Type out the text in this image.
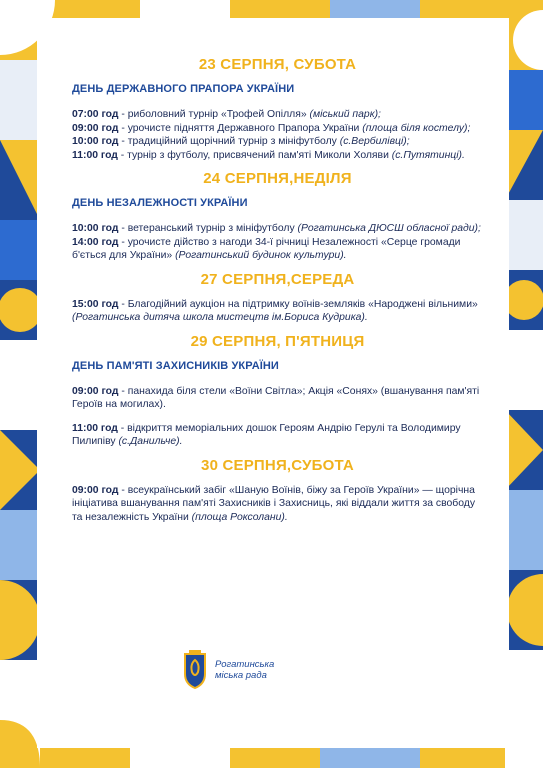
23 СЕРПНЯ, СУБОТА
ДЕНЬ ДЕРЖАВНОГО ПРАПОРА УКРАЇНИ

07:00 год - риболовний турнір «Трофей Опілля» (міський парк);

09:00 год - урочисте підняття Державного Прапора України (площа біля костелу);

10:00 год - традиційний щорічний турнір з мініфутболу (с.Вербилівці);

11:00 год - турнір з футболу, присвячений пам'яті Миколи Холяви (с.Путятинці).

24 СЕРПНЯ,НЕДІЛЯ
ДЕНЬ НЕЗАЛЕЖНОСТІ УКРАЇНИ

10:00 год - ветеранський турнір з мініфутболу (Рогатинська ДЮСШ обласної ради);

14:00 год - урочисте дійство з нагоди 34-ї річниці Незалежності «Серце громади б'ється для України» (Рогатинський будинок культури).

27 СЕРПНЯ,СЕРЕДА

15:00 год - Благодійний аукціон на підтримку воїнів-земляків «Народжені вільними» (Рогатинська дитяча школа мистецтв ім.Бориса Кудрика).

29 СЕРПНЯ, П'ЯТНИЦЯ
ДЕНЬ ПАМ'ЯТІ ЗАХИСНИКІВ УКРАЇНИ

09:00 год - панахида біля стели «Воїни Світла»; Акція «Сонях» (вшанування пам'яті Героїв на могилах).

11:00 год - відкриття меморіальних дошок Героям Андрію Герулі та Володимиру Пилипіву (с.Данильче).

30 СЕРПНЯ,СУБОТА

09:00 год - всеукраїнський забіг «Шаную Воїнів, біжу за Героїв України» — щорічна ініціатива вшанування пам'яті Захисників і Захисниць, які віддали життя за свободу та незалежність України (площа Роксолани).

Рогатинська
міська рада
